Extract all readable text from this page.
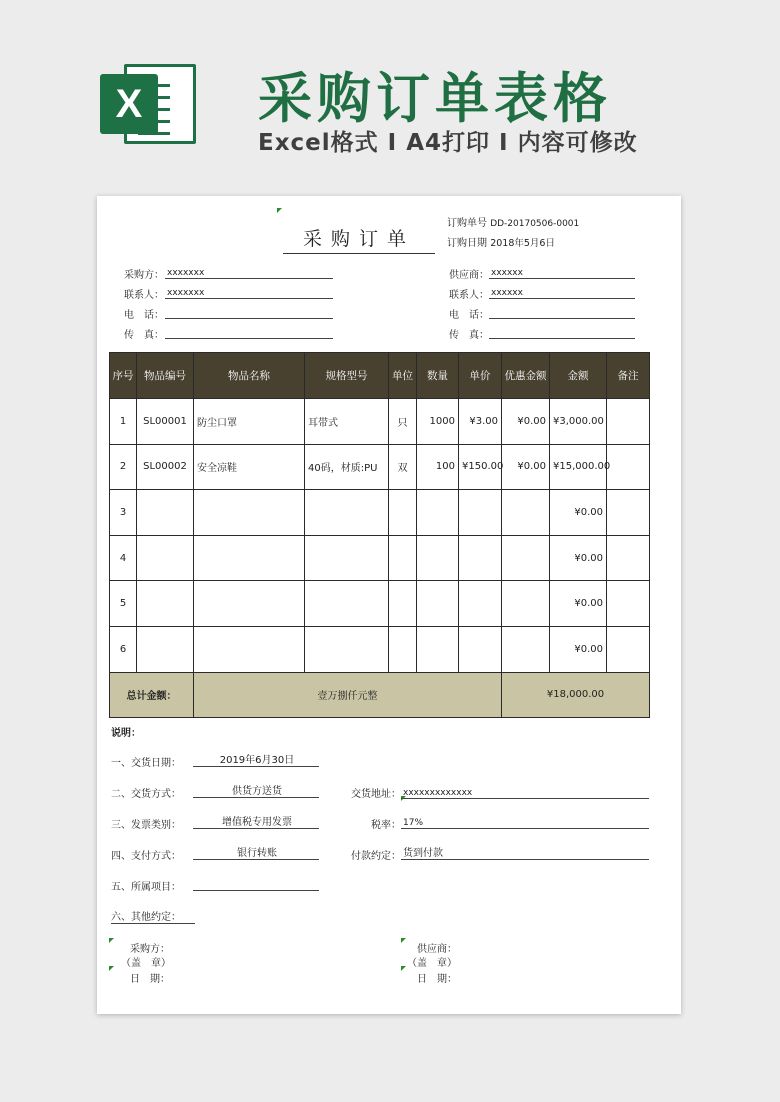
X 采购订单表格
Excel格式 I A4打印 I 内容可修改
采购订单
订购单号 DD-20170506-0001
订购日期 2018年5月6日
采购方： xxxxxxx
联系人： xxxxxxx
电　话：
传　真：
供应商： xxxxxx
联系人： xxxxxx
电　话：
传　真：
序号	物品编号	物品名称	规格型号	单位	数量	单价	优惠金额	金额	备注
1	SL00001	防尘口罩	耳带式	只	1000	¥3.00	¥0.00	¥3,000.00	
2	SL00002	安全凉鞋	40码，材质:PU	双	100	¥150.00	¥0.00	¥15,000.00	
3								¥0.00	
4								¥0.00	
5								¥0.00	
6								¥0.00	
总计金额：		壹万捌仟元整					¥18,000.00		
说明：
一、交货日期：	2019年6月30日
二、交货方式：	供货方送货	交货地址： xxxxxxxxxxxxx
三、发票类别：	增值税专用发票	税率： 17%
四、支付方式：	银行转账	付款约定： 货到付款
五、所属项目：
六、其他约定：
采购方：
（盖　章）
日　期：
供应商：
（盖　章）
日　期：
